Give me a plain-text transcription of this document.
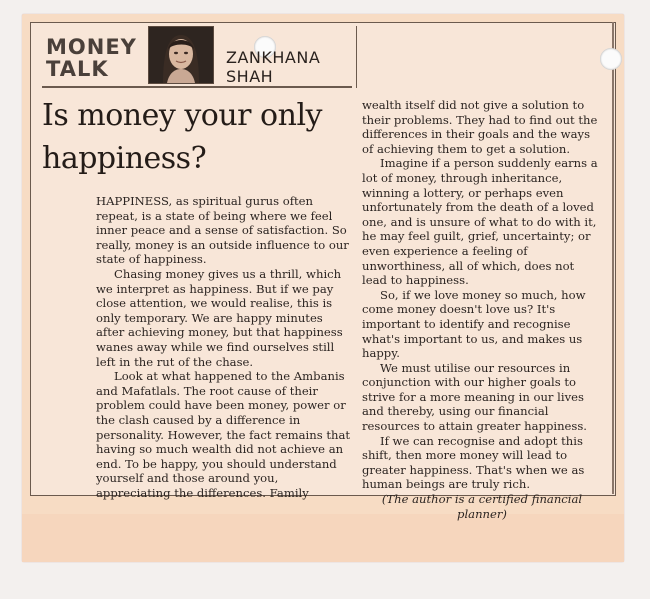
MONEY
TALK	ZANKHANA SHAH
Is money your only happiness?

HAPPINESS, as spiritual gurus often repeat, is a state of being where we feel inner peace and a sense of satisfaction. So really, money is an outside influence to our state of happiness.

Chasing money gives us a thrill, which we interpret as happiness. But if we pay close attention, we would realise, this is only temporary. We are happy minutes after achieving money, but that happiness wanes away while we find ourselves still left in the rut of the chase.

Look at what happened to the Ambanis and Mafatlals. The root cause of their problem could have been money, power or the clash caused by a difference in personality. However, the fact remains that having so much wealth did not achieve an end. To be happy, you should understand yourself and those around you, appreciating the differences. Family

wealth itself did not give a solution to their problems. They had to find out the differences in their goals and the ways of achieving them to get a solution.

Imagine if a person suddenly earns a lot of money, through inheritance, winning a lottery, or perhaps even unfortunately from the death of a loved one, and is unsure of what to do with it, he may feel guilt, grief, uncertainty; or even experience a feeling of unworthiness, all of which, does not lead to happiness.

So, if we love money so much, how come money doesn't love us? It's important to identify and recognise what's important to us, and makes us happy.

We must utilise our resources in conjunction with our higher goals to strive for a more meaning in our lives and thereby, using our financial resources to attain greater happiness.

If we can recognise and adopt this shift, then more money will lead to greater happiness. That's when we as human beings are truly rich.

(The author is a certified financial planner)
